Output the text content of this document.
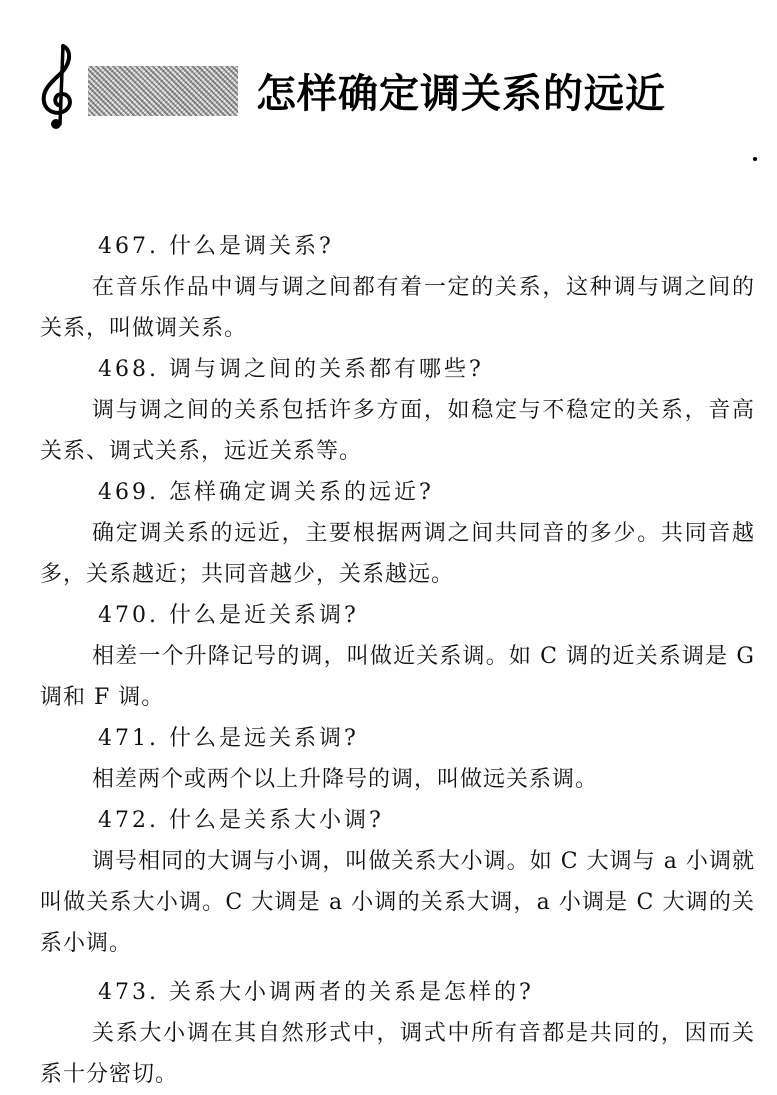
怎样确定调关系的远近

467. 什么是调关系?

在音乐作品中调与调之间都有着一定的关系，这种调与调之间的关系，叫做调关系。

468. 调与调之间的关系都有哪些?

调与调之间的关系包括许多方面，如稳定与不稳定的关系，音高关系、调式关系，远近关系等。

469. 怎样确定调关系的远近?

确定调关系的远近，主要根据两调之间共同音的多少。共同音越多，关系越近；共同音越少，关系越远。

470. 什么是近关系调?

相差一个升降记号的调，叫做近关系调。如 C 调的近关系调是 G 调和 F 调。

471. 什么是远关系调?

相差两个或两个以上升降号的调，叫做远关系调。

472. 什么是关系大小调?

调号相同的大调与小调，叫做关系大小调。如 C 大调与 a 小调就叫做关系大小调。C 大调是 a 小调的关系大调，a 小调是 C 大调的关系小调。

473. 关系大小调两者的关系是怎样的?

关系大小调在其自然形式中，调式中所有音都是共同的，因而关系十分密切。
